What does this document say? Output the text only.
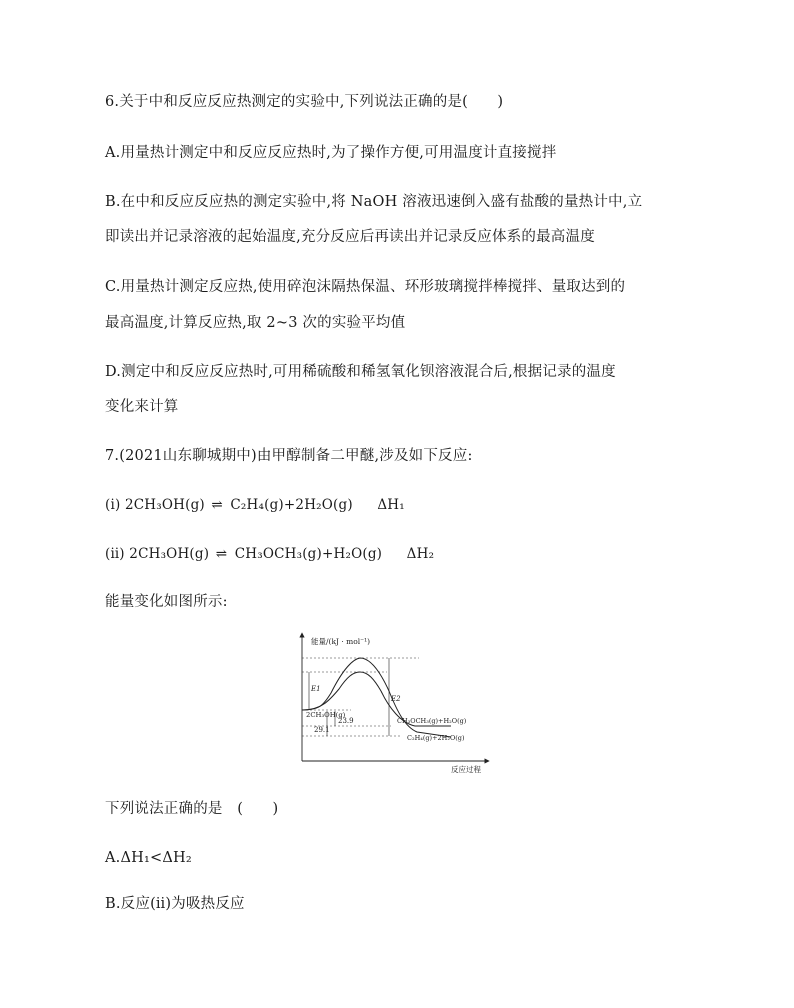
6.关于中和反应反应热测定的实验中,下列说法正确的是(　　)
A.用量热计测定中和反应反应热时,为了操作方便,可用温度计直接搅拌
B.在中和反应反应热的测定实验中,将 NaOH 溶液迅速倒入盛有盐酸的量热计中,立
即读出并记录溶液的起始温度,充分反应后再读出并记录反应体系的最高温度
C.用量热计测定反应热,使用碎泡沫隔热保温、环形玻璃搅拌棒搅拌、量取达到的
最高温度,计算反应热,取 2~3 次的实验平均值
D.测定中和反应反应热时,可用稀硫酸和稀氢氧化钡溶液混合后,根据记录的温度
变化来计算
7.(2021山东聊城期中)由甲醇制备二甲醚,涉及如下反应:
(ⅰ) 2CH₃OH(g) ⇌ C₂H₄(g)+2H₂O(g) ΔH₁
(ⅱ) 2CH₃OH(g) ⇌ CH₃OCH₃(g)+H₂O(g) ΔH₂
能量变化如图所示:
能量/(kJ · mol⁻¹)
反应过程
E1
E2
23.9
29.1
2CH₃OH(g)
CH₃OCH₃(g)+H₂O(g)
C₂H₄(g)+2H₂O(g)
下列说法正确的是　(　　)
A.ΔH₁<ΔH₂
B.反应(ⅱ)为吸热反应
